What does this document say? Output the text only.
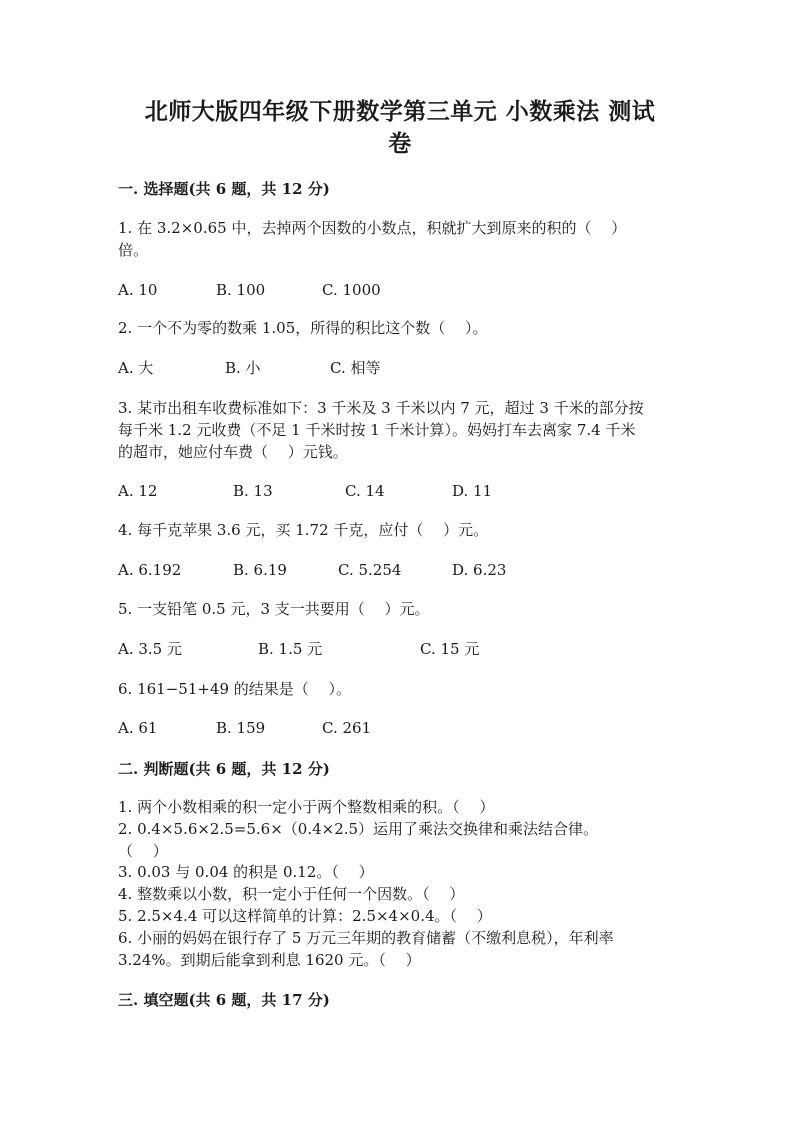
北师大版四年级下册数学第三单元 小数乘法 测试
卷
一. 选择题(共 6 题，共 12 分)
1. 在 3.2×0.65 中，去掉两个因数的小数点，积就扩大到原来的积的（　 ）
倍。
A. 10	B. 100	C. 1000
2. 一个不为零的数乘 1.05，所得的积比这个数（　 ）。
A. 大	B. 小	C. 相等
3. 某市出租车收费标准如下：3 千米及 3 千米以内 7 元，超过 3 千米的部分按
每千米 1.2 元收费（不足 1 千米时按 1 千米计算）。妈妈打车去离家 7.4 千米
的超市，她应付车费（　 ）元钱。
A. 12	B. 13	C. 14	D. 11
4. 每千克苹果 3.6 元，买 1.72 千克，应付（　 ）元。
A. 6.192	B. 6.19	C. 5.254	D. 6.23
5. 一支铅笔 0.5 元，3 支一共要用（　 ）元。
A. 3.5 元	B. 1.5 元	C. 15 元
6. 161−51+49 的结果是（　 ）。
A. 61	B. 159	C. 261
二. 判断题(共 6 题，共 12 分)
1. 两个小数相乘的积一定小于两个整数相乘的积。（　 ）
2. 0.4×5.6×2.5=5.6×（0.4×2.5）运用了乘法交换律和乘法结合律。
（　 ）
3. 0.03 与 0.04 的积是 0.12。（　 ）
4. 整数乘以小数，积一定小于任何一个因数。（　 ）
5. 2.5×4.4 可以这样简单的计算：2.5×4×0.4。（　 ）
6. 小丽的妈妈在银行存了 5 万元三年期的教育储蓄（不缴利息税），年利率
3.24%。到期后能拿到利息 1620 元。（　 ）
三. 填空题(共 6 题，共 17 分)
